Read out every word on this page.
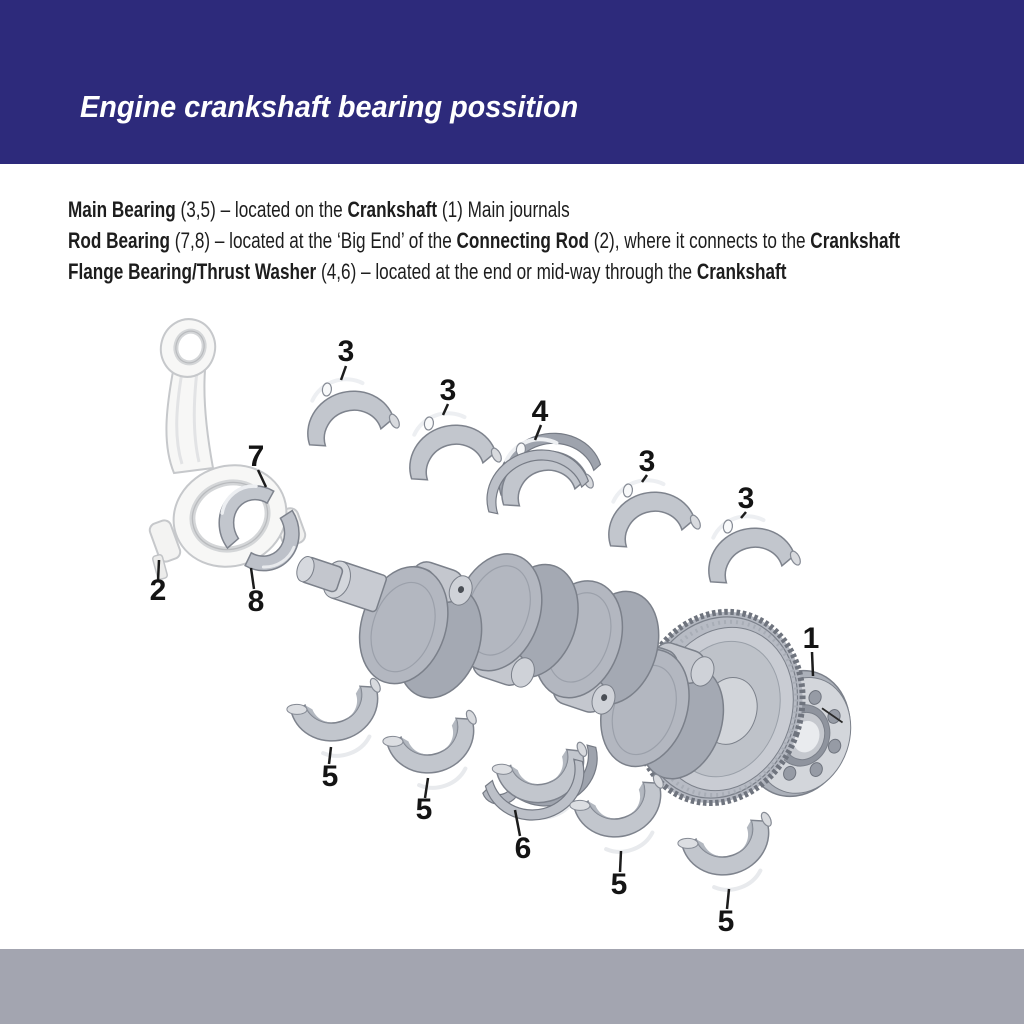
Engine crankshaft bearing possition
Main Bearing (3,5) – located on the Crankshaft (1) Main journals
Rod Bearing (7,8) – located at the ‘Big End’ of the Connecting Rod (2), where it connects to the Crankshaft
Flange Bearing/Thrust Washer (4,6) – located at the end or mid-way through the Crankshaft
3
3
4
3
3
1
2
7
8
5
5
6
5
5
